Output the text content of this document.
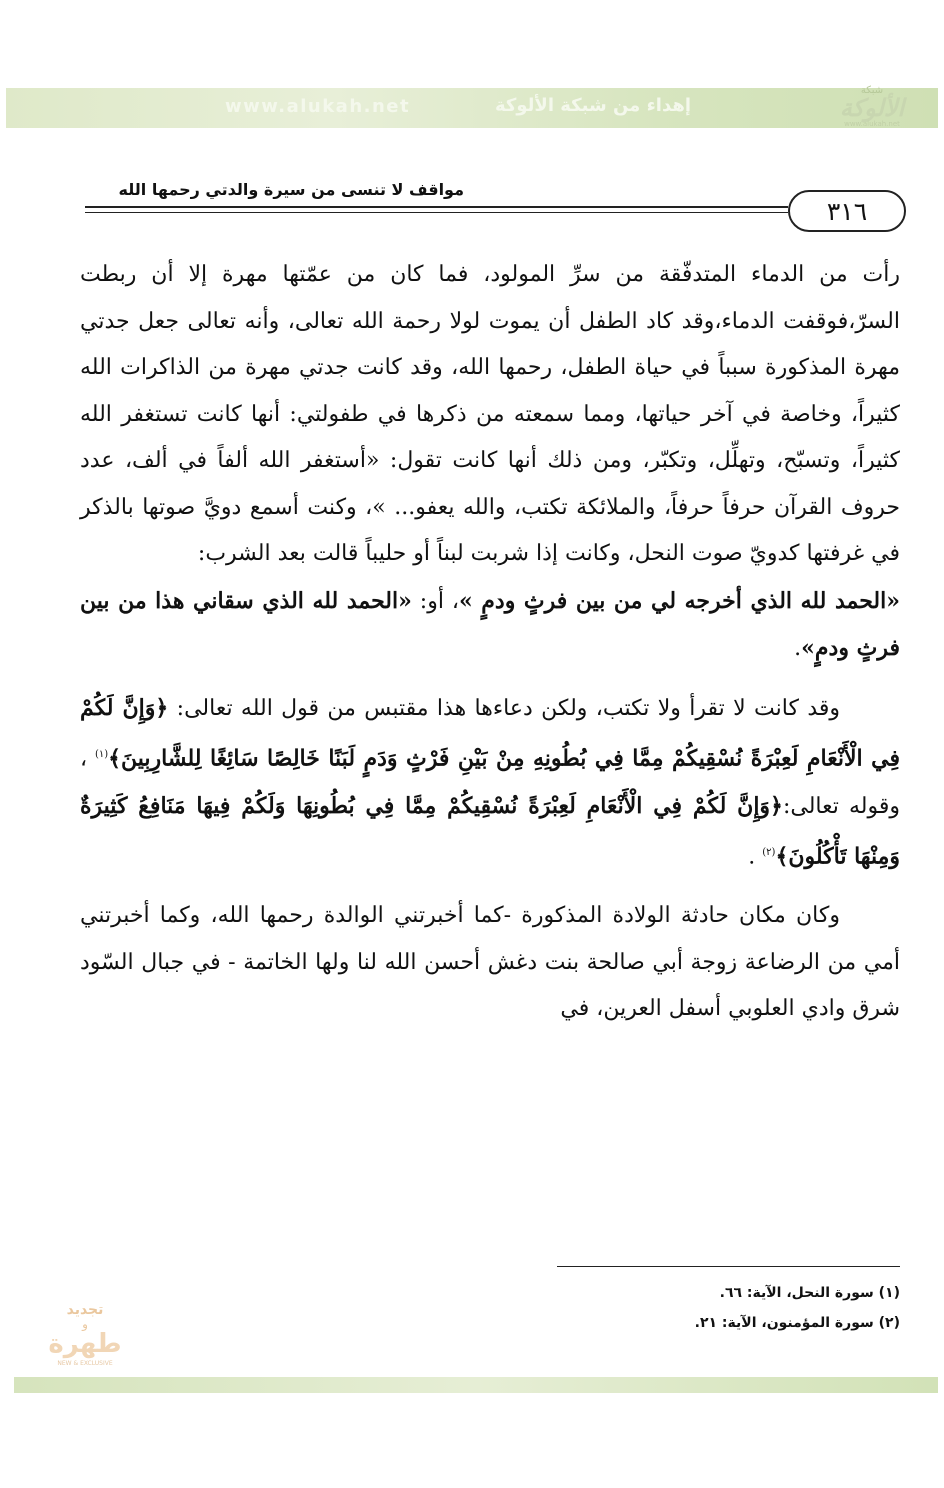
www.alukah.net	إهداء من شبكة الألوكة
شبكة
الألوكة
www.alukah.net
مواقف لا تنسى من سيرة والدتي رحمها الله
٣١٦

رأت من الدماء المتدفّقة من سرِّ المولود، فما كان من عمّتها مهرة إلا أن ربطت السرّ،فوقفت الدماء،وقد كاد الطفل أن يموت لولا رحمة الله تعالى، وأنه تعالى جعل جدتي مهرة المذكورة سبباً في حياة الطفل، رحمها الله، وقد كانت جدتي مهرة من الذاكرات الله كثيراً، وخاصة في آخر حياتها، ومما سمعته من ذكرها في طفولتي: أنها كانت تستغفر الله كثيراً، وتسبّح، وتهلِّل، وتكبّر، ومن ذلك أنها كانت تقول: «أستغفر الله ألفاً في ألف، عدد حروف القرآن حرفاً حرفاً، والملائكة تكتب، والله يعفو... »، وكنت أسمع دويَّ صوتها بالذكر في غرفتها كدويّ صوت النحل، وكانت إذا شربت لبناً أو حليباً قالت بعد الشرب:
«الحمد لله الذي أخرجه لي من بين فرثٍ ودمٍ »، أو: «الحمد لله الذي سقاني هذا من بين فرثٍ ودمٍ».

وقد كانت لا تقرأ ولا تكتب، ولكن دعاءها هذا مقتبس من قول الله تعالى: ﴿وَإِنَّ لَكُمْ فِي الْأَنْعَامِ لَعِبْرَةً نُسْقِيكُمْ مِمَّا فِي بُطُونِهِ مِنْ بَيْنِ فَرْثٍ وَدَمٍ لَبَنًا خَالِصًا سَائِغًا لِلشَّارِبِينَ﴾$^{(١)}$ ، وقوله تعالى:﴿وَإِنَّ لَكُمْ فِي الْأَنْعَامِ لَعِبْرَةً نُسْقِيكُمْ مِمَّا فِي بُطُونِهَا وَلَكُمْ فِيهَا مَنَافِعُ كَثِيرَةٌ وَمِنْهَا تَأْكُلُونَ﴾$^{(٢)}$ .

وكان مكان حادثة الولادة المذكورة -كما أخبرتني الوالدة رحمها الله، وكما أخبرتني أمي من الرضاعة زوجة أبي صالحة بنت دغش أحسن الله لنا ولها الخاتمة - في جبال السّود شرق وادي العلوبي أسفل العرين، في

(١) سورة النحل، الآية: ٦٦.
(٢) سورة المؤمنون، الآية: ٢١.
تجديد
و
طهرة
NEW & EXCLUSIVE
